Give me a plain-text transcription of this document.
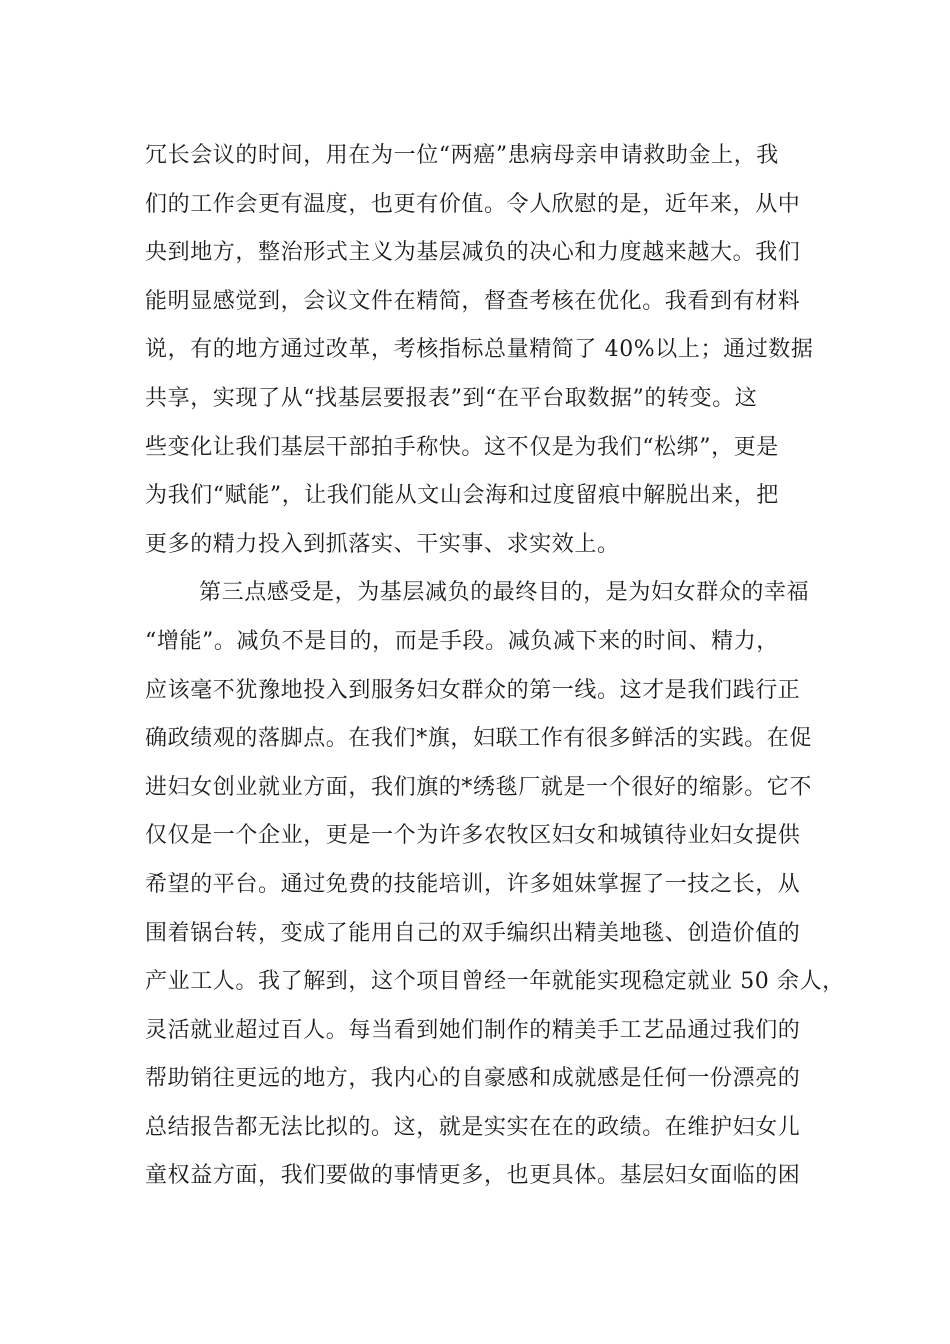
冗长会议的时间，用在为一位“两癌”患病母亲申请救助金上，我
们的工作会更有温度，也更有价值。令人欣慰的是，近年来，从中
央到地方，整治形式主义为基层减负的决心和力度越来越大。我们
能明显感觉到，会议文件在精简，督查考核在优化。我看到有材料
说，有的地方通过改革，考核指标总量精简了 40%以上；通过数据
共享，实现了从“找基层要报表”到“在平台取数据”的转变。这
些变化让我们基层干部拍手称快。这不仅是为我们“松绑”，更是
为我们“赋能”，让我们能从文山会海和过度留痕中解脱出来，把
更多的精力投入到抓落实、干实事、求实效上。
第三点感受是，为基层减负的最终目的，是为妇女群众的幸福
“增能”。减负不是目的，而是手段。减负减下来的时间、精力，
应该毫不犹豫地投入到服务妇女群众的第一线。这才是我们践行正
确政绩观的落脚点。在我们*旗，妇联工作有很多鲜活的实践。在促
进妇女创业就业方面，我们旗的*绣毯厂就是一个很好的缩影。它不
仅仅是一个企业，更是一个为许多农牧区妇女和城镇待业妇女提供
希望的平台。通过免费的技能培训，许多姐妹掌握了一技之长，从
围着锅台转，变成了能用自己的双手编织出精美地毯、创造价值的
产业工人。我了解到，这个项目曾经一年就能实现稳定就业 50 余人，
灵活就业超过百人。每当看到她们制作的精美手工艺品通过我们的
帮助销往更远的地方，我内心的自豪感和成就感是任何一份漂亮的
总结报告都无法比拟的。这，就是实实在在的政绩。在维护妇女儿
童权益方面，我们要做的事情更多，也更具体。基层妇女面临的困
